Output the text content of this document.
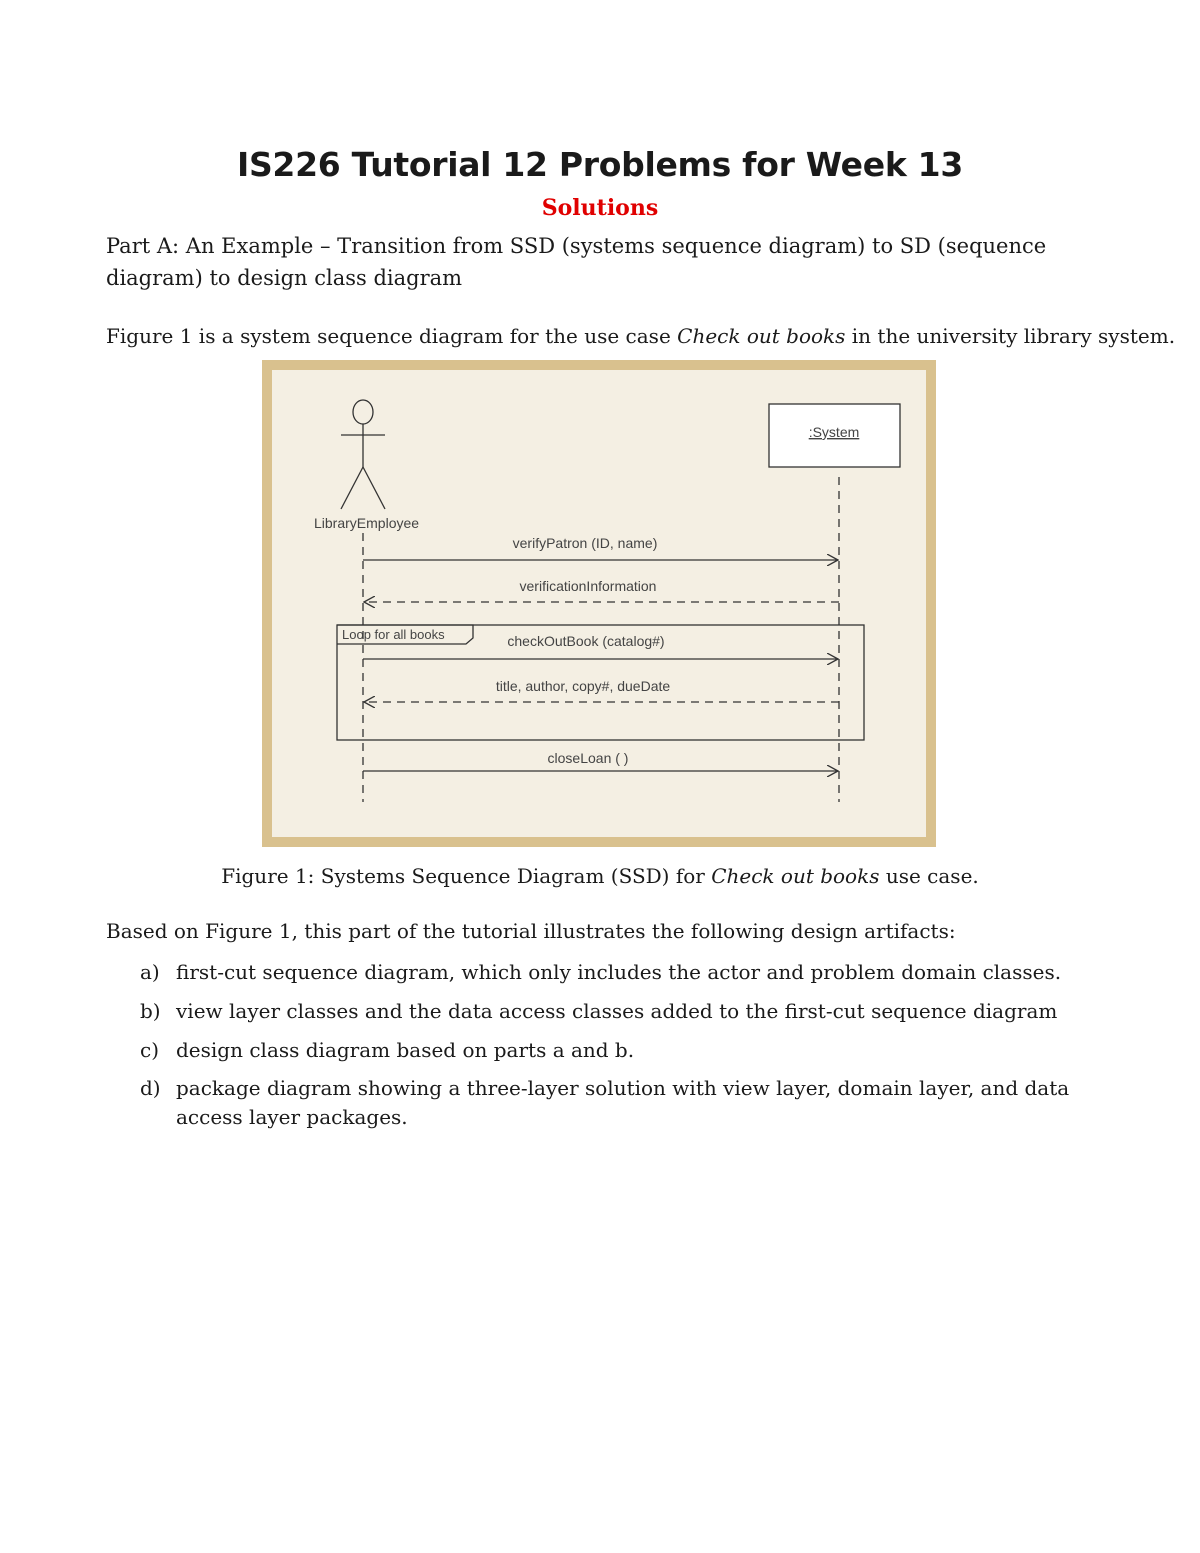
IS226 Tutorial 12 Problems for Week 13
Solutions
Part A: An Example – Transition from SSD (systems sequence diagram) to SD (sequence diagram) to design class diagram
Figure 1 is a system sequence diagram for the use case Check out books in the university library system.
LibraryEmployee
:System
Loop for all books
verifyPatron (ID, name)
verificationInformation
checkOutBook (catalog#)
title, author, copy#, dueDate
closeLoan ( )
Figure 1: Systems Sequence Diagram (SSD) for Check out books use case.
Based on Figure 1, this part of the tutorial illustrates the following design artifacts:
a) first-cut sequence diagram, which only includes the actor and problem domain classes.
b) view layer classes and the data access classes added to the first-cut sequence diagram
c) design class diagram based on parts a and b.
d) package diagram showing a three-layer solution with view layer, domain layer, and data access layer packages.
